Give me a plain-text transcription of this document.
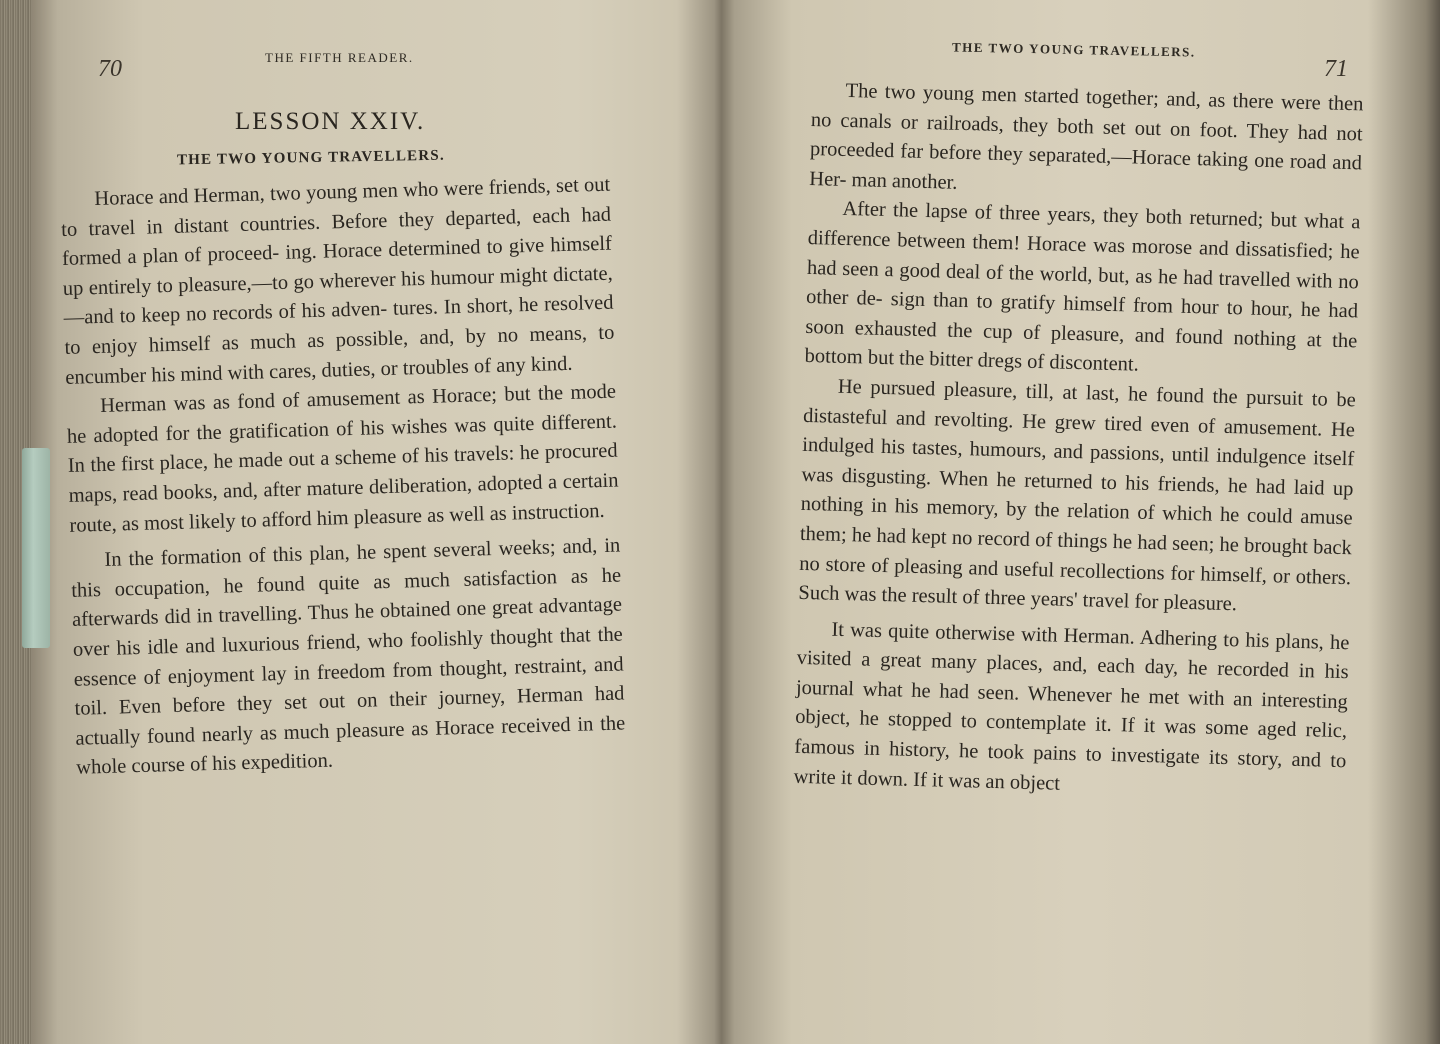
70	THE FIFTH READER.
LESSON XXIV.
THE TWO YOUNG TRAVELLERS.

Horace and Herman, two young men who were friends, set out to travel in distant countries. Before they departed, each had formed a plan of proceed- ing. Horace determined to give himself up entirely to pleasure,—to go wherever his humour might dictate,—and to keep no records of his adven- tures. In short, he resolved to enjoy himself as much as possible, and, by no means, to encumber his mind with cares, duties, or troubles of any kind.

Herman was as fond of amusement as Horace; but the mode he adopted for the gratification of his wishes was quite different. In the first place, he made out a scheme of his travels: he procured maps, read books, and, after mature deliberation, adopted a certain route, as most likely to afford him pleasure as well as instruction.

In the formation of this plan, he spent several weeks; and, in this occupation, he found quite as much satisfaction as he afterwards did in travelling. Thus he obtained one great advantage over his idle and luxurious friend, who foolishly thought that the essence of enjoyment lay in freedom from thought, restraint, and toil. Even before they set out on their journey, Herman had actually found nearly as much pleasure as Horace received in the whole course of his expedition.

THE TWO YOUNG TRAVELLERS.
71

The two young men started together; and, as there were then no canals or railroads, they both set out on foot. They had not proceeded far before they separated,—Horace taking one road and Her- man another.

After the lapse of three years, they both returned; but what a difference between them! Horace was morose and dissatisfied; he had seen a good deal of the world, but, as he had travelled with no other de- sign than to gratify himself from hour to hour, he had soon exhausted the cup of pleasure, and found nothing at the bottom but the bitter dregs of discontent.

He pursued pleasure, till, at last, he found the pursuit to be distasteful and revolting. He grew tired even of amusement. He indulged his tastes, humours, and passions, until indulgence itself was disgusting. When he returned to his friends, he had laid up nothing in his memory, by the relation of which he could amuse them; he had kept no record of things he had seen; he brought back no store of pleasing and useful recollections for himself, or others. Such was the result of three years' travel for pleasure.

It was quite otherwise with Herman. Adhering to his plans, he visited a great many places, and, each day, he recorded in his journal what he had seen. Whenever he met with an interesting object, he stopped to contemplate it. If it was some aged relic, famous in history, he took pains to investigate its story, and to write it down. If it was an object
